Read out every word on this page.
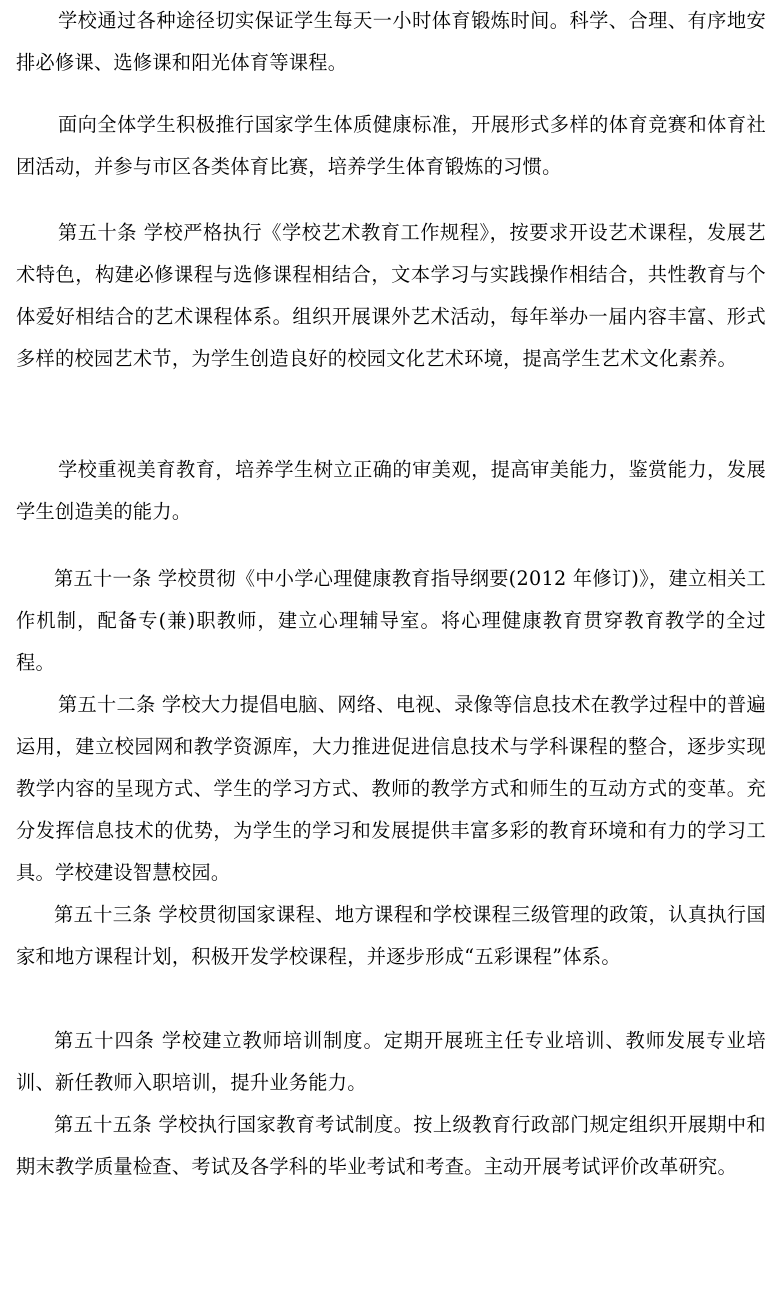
学校通过各种途径切实保证学生每天一小时体育锻炼时间。科学、合理、有序地安排必修课、选修课和阳光体育等课程。

面向全体学生积极推行国家学生体质健康标准，开展形式多样的体育竞赛和体育社团活动，并参与市区各类体育比赛，培养学生体育锻炼的习惯。

第五十条 学校严格执行《学校艺术教育工作规程》，按要求开设艺术课程，发展艺术特色，构建必修课程与选修课程相结合，文本学习与实践操作相结合，共性教育与个体爱好相结合的艺术课程体系。组织开展课外艺术活动，每年举办一届内容丰富、形式多样的校园艺术节，为学生创造良好的校园文化艺术环境，提高学生艺术文化素养。

学校重视美育教育，培养学生树立正确的审美观，提高审美能力，鉴赏能力，发展学生创造美的能力。

第五十一条 学校贯彻《中小学心理健康教育指导纲要(2012 年修订)》，建立相关工作机制，配备专(兼)职教师，建立心理辅导室。将心理健康教育贯穿教育教学的全过程。

第五十二条 学校大力提倡电脑、网络、电视、录像等信息技术在教学过程中的普遍运用，建立校园网和教学资源库，大力推进促进信息技术与学科课程的整合，逐步实现教学内容的呈现方式、学生的学习方式、教师的教学方式和师生的互动方式的变革。充分发挥信息技术的优势，为学生的学习和发展提供丰富多彩的教育环境和有力的学习工具。学校建设智慧校园。

第五十三条 学校贯彻国家课程、地方课程和学校课程三级管理的政策，认真执行国家和地方课程计划，积极开发学校课程，并逐步形成“五彩课程”体系。

第五十四条 学校建立教师培训制度。定期开展班主任专业培训、教师发展专业培训、新任教师入职培训，提升业务能力。

第五十五条 学校执行国家教育考试制度。按上级教育行政部门规定组织开展期中和期末教学质量检查、考试及各学科的毕业考试和考查。主动开展考试评价改革研究。
